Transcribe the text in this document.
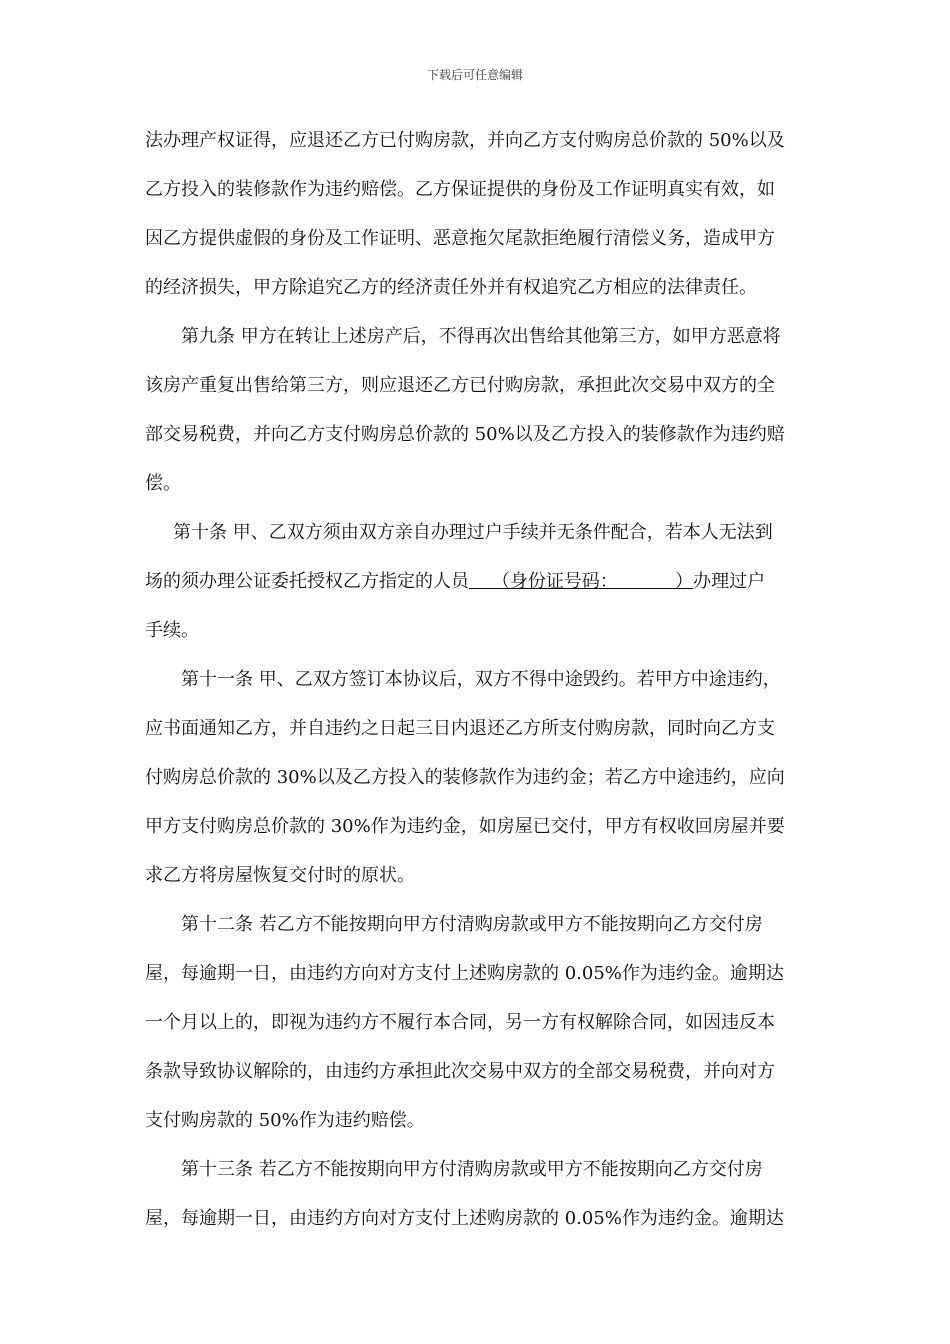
下载后可任意编辑
法办理产权证得，应退还乙方已付购房款，并向乙方支付购房总价款的 50%以及
乙方投入的装修款作为违约赔偿。乙方保证提供的身份及工作证明真实有效，如
因乙方提供虚假的身份及工作证明、恶意拖欠尾款拒绝履行清偿义务，造成甲方
的经济损失，甲方除追究乙方的经济责任外并有权追究乙方相应的法律责任。
第九条 甲方在转让上述房产后，不得再次出售给其他第三方，如甲方恶意将
该房产重复出售给第三方，则应退还乙方已付购房款，承担此次交易中双方的全
部交易税费，并向乙方支付购房总价款的 50%以及乙方投入的装修款作为违约赔
偿。
第十条 甲、乙双方须由双方亲自办理过户手续并无条件配合，若本人无法到
场的须办理公证委托授权乙方指定的人员    （身份证号码：          ）办理过户
手续。
第十一条 甲、乙双方签订本协议后，双方不得中途毁约。若甲方中途违约，
应书面通知乙方，并自违约之日起三日内退还乙方所支付购房款，同时向乙方支
付购房总价款的 30%以及乙方投入的装修款作为违约金；若乙方中途违约，应向
甲方支付购房总价款的 30%作为违约金，如房屋已交付，甲方有权收回房屋并要
求乙方将房屋恢复交付时的原状。
第十二条 若乙方不能按期向甲方付清购房款或甲方不能按期向乙方交付房
屋，每逾期一日，由违约方向对方支付上述购房款的 0.05%作为违约金。逾期达
一个月以上的，即视为违约方不履行本合同，另一方有权解除合同，如因违反本
条款导致协议解除的，由违约方承担此次交易中双方的全部交易税费，并向对方
支付购房款的 50%作为违约赔偿。
第十三条 若乙方不能按期向甲方付清购房款或甲方不能按期向乙方交付房
屋，每逾期一日，由违约方向对方支付上述购房款的 0.05%作为违约金。逾期达
